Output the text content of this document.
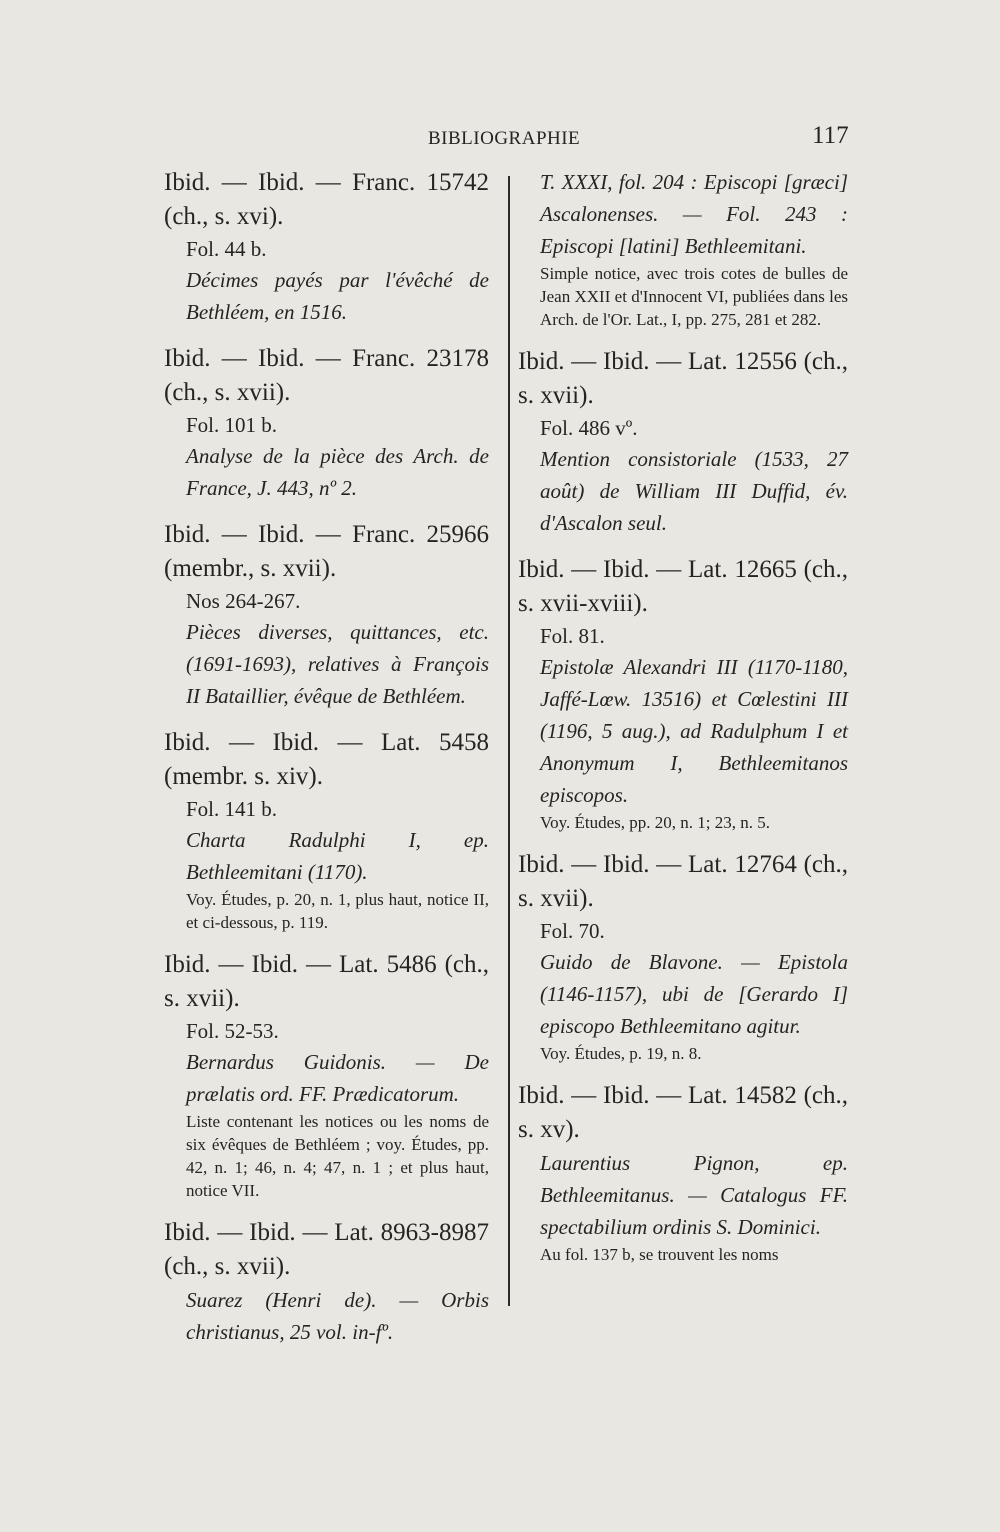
BIBLIOGRAPHIE	117
Ibid. — Ibid. — Franc. 15742 (ch., s. xvi).
Fol. 44 b.
Décimes payés par l'évêché de Bethléem, en 1516.
Ibid. — Ibid. — Franc. 23178 (ch., s. xvii).
Fol. 101 b.
Analyse de la pièce des Arch. de France, J. 443, nº 2.
Ibid. — Ibid. — Franc. 25966 (membr., s. xvii).
Nos 264-267.
Pièces diverses, quittances, etc. (1691-1693), relatives à François II Bataillier, évêque de Bethléem.
Ibid. — Ibid. — Lat. 5458 (membr. s. xiv).
Fol. 141 b.
Charta Radulphi I, ep. Bethleemitani (1170).
Voy. Études, p. 20, n. 1, plus haut, notice II, et ci-dessous, p. 119.
Ibid. — Ibid. — Lat. 5486 (ch., s. xvii).
Fol. 52-53.
Bernardus Guidonis. — De prælatis ord. FF. Prædicatorum.
Liste contenant les notices ou les noms de six évêques de Bethléem ; voy. Études, pp. 42, n. 1; 46, n. 4; 47, n. 1 ; et plus haut, notice VII.
Ibid. — Ibid. — Lat. 8963-8987 (ch., s. xvii).
Suarez (Henri de). — Orbis christianus, 25 vol. in-fº.
T. XXXI, fol. 204 : Episcopi [græci] Ascalonenses. — Fol. 243 : Episcopi [latini] Bethleemitani.
Simple notice, avec trois cotes de bulles de Jean XXII et d'Innocent VI, publiées dans les Arch. de l'Or. Lat., I, pp. 275, 281 et 282.
Ibid. — Ibid. — Lat. 12556 (ch., s. xvii).
Fol. 486 vº.
Mention consistoriale (1533, 27 août) de William III Duffid, év. d'Ascalon seul.
Ibid. — Ibid. — Lat. 12665 (ch., s. xvii-xviii).
Fol. 81.
Epistolæ Alexandri III (1170-1180, Jaffé-Lœw. 13516) et Cœlestini III (1196, 5 aug.), ad Radulphum I et Anonymum I, Bethleemitanos episcopos.
Voy. Études, pp. 20, n. 1; 23, n. 5.
Ibid. — Ibid. — Lat. 12764 (ch., s. xvii).
Fol. 70.
Guido de Blavone. — Epistola (1146-1157), ubi de [Gerardo I] episcopo Bethleemitano agitur.
Voy. Études, p. 19, n. 8.
Ibid. — Ibid. — Lat. 14582 (ch., s. xv).
Laurentius Pignon, ep. Bethleemitanus. — Catalogus FF. spectabilium ordinis S. Dominici.
Au fol. 137 b, se trouvent les noms
